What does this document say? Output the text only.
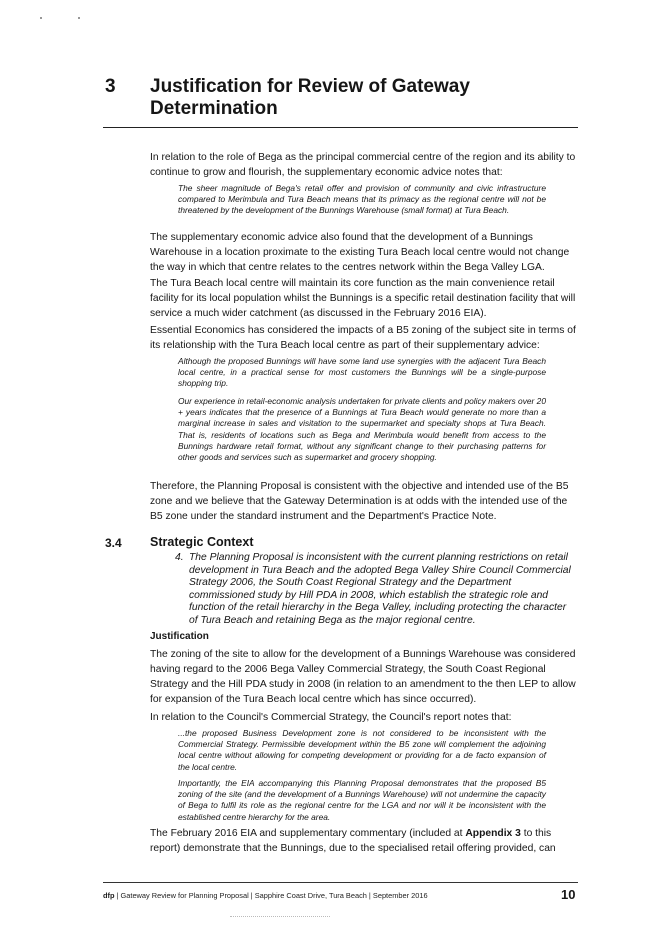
3 Justification for Review of Gateway Determination

In relation to the role of Bega as the principal commercial centre of the region and its ability to continue to grow and flourish, the supplementary economic advice notes that:

The sheer magnitude of Bega's retail offer and provision of community and civic infrastructure compared to Merimbula and Tura Beach means that its primacy as the regional centre will not be threatened by the development of the Bunnings Warehouse (small format) at Tura Beach.

The supplementary economic advice also found that the development of a Bunnings Warehouse in a location proximate to the existing Tura Beach local centre would not change the way in which that centre relates to the centres network within the Bega Valley LGA.

The Tura Beach local centre will maintain its core function as the main convenience retail facility for its local population whilst the Bunnings is a specific retail destination facility that will service a much wider catchment (as discussed in the February 2016 EIA).

Essential Economics has considered the impacts of a B5 zoning of the subject site in terms of its relationship with the Tura Beach local centre as part of their supplementary advice:

Although the proposed Bunnings will have some land use synergies with the adjacent Tura Beach local centre, in a practical sense for most customers the Bunnings will be a single-purpose shopping trip.

Our experience in retail-economic analysis undertaken for private clients and policy makers over 20 + years indicates that the presence of a Bunnings at Tura Beach would generate no more than a marginal increase in sales and visitation to the supermarket and specialty shops at Tura Beach. That is, residents of locations such as Bega and Merimbula would benefit from access to the Bunnings hardware retail format, without any significant change to their purchasing patterns for other goods and services such as supermarket and grocery shopping.

Therefore, the Planning Proposal is consistent with the objective and intended use of the B5 zone and we believe that the Gateway Determination is at odds with the intended use of the B5 zone under the standard instrument and the Department's Practice Note.

3.4 Strategic Context
4. The Planning Proposal is inconsistent with the current planning restrictions on retail development in Tura Beach and the adopted Bega Valley Shire Council Commercial Strategy 2006, the South Coast Regional Strategy and the Department commissioned study by Hill PDA in 2008, which establish the strategic role and function of the retail hierarchy in the Bega Valley, including protecting the character of Tura Beach and retaining Bega as the major regional centre.

Justification

The zoning of the site to allow for the development of a Bunnings Warehouse was considered having regard to the 2006 Bega Valley Commercial Strategy, the South Coast Regional Strategy and the Hill PDA study in 2008 (in relation to an amendment to the then LEP to allow for expansion of the Tura Beach local centre which has since occurred).

In relation to the Council's Commercial Strategy, the Council's report notes that:

...the proposed Business Development zone is not considered to be inconsistent with the Commercial Strategy. Permissible development within the B5 zone will complement the adjoining local centre without allowing for competing development or providing for a de facto expansion of the local centre.

Importantly, the EIA accompanying this Planning Proposal demonstrates that the proposed B5 zoning of the site (and the development of a Bunnings Warehouse) will not undermine the capacity of Bega to fulfil its role as the regional centre for the LGA and nor will it be inconsistent with the established centre hierarchy for the area.

The February 2016 EIA and supplementary commentary (included at Appendix 3 to this report) demonstrate that the Bunnings, due to the specialised retail offering provided, can

dfp | Gateway Review for Planning Proposal | Sapphire Coast Drive, Tura Beach | September 2016	10
